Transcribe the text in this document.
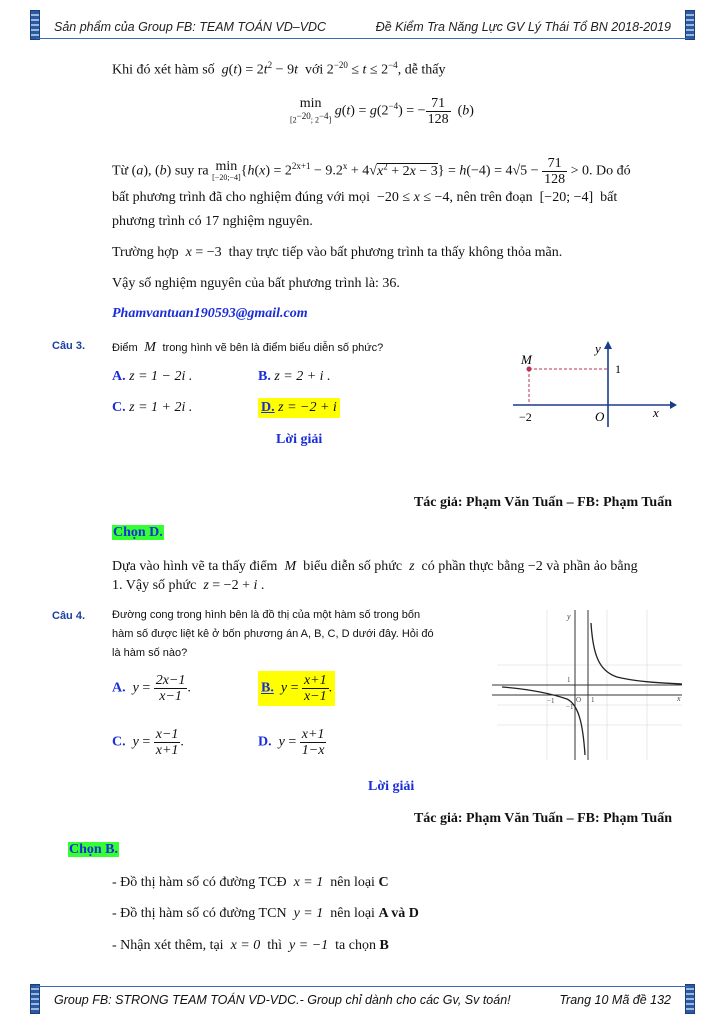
Sản phẩm của Group FB: TEAM TOÁN VD–VDC	Đề Kiểm Tra Năng Lực GV Lý Thái Tổ BN 2018-2019
Khi đó xét hàm số  $g(t) = 2t^2 - 9t$  với $2^{-20} \le t \le 2^{-4}$, dễ thấy
min
[$2^{-20}$; $2^{-4}$]
$g(t) = g(2^{-4})$ = − $\frac{71}{128} (b)$
Từ (a), (b) suy ra min
[−20;−4] $\{h(x) = 2^{2x+1} - 9.2^x + 4√x^2 + 2x - 3\} = h(-4) = 4√5 - \frac{71}{128} > 0$. Do đó
bất phương trình đã cho nghiệm đúng với mọi  −20 ≤ x ≤ −4, nên trên đoạn  [−20; −4]  bất
phương trình có 17 nghiệm nguyên.
Trường hợp x = −3  thay trực tiếp vào bất phương trình ta thấy không thỏa mãn.
Vậy số nghiệm nguyên của bất phương trình là: 36.
Phamvantuan190593@gmail.com
Câu 3. Điểm  M  trong hình vẽ bên là điểm biểu diễn số phức?
A. z = 1 − 2i .	B. z = 2 + i .
C. z = 1 + 2i .	D. z = −2 + i
M
y
1
−2	O	x
Lời giải
Tác giả: Phạm Văn Tuấn – FB: Phạm Tuấn
Chọn D.
Dựa vào hình vẽ ta thấy điểm  M  biểu diễn số phức  z  có phần thực bằng −2 và phần ảo bằng
1. Vậy số phức  z = −2 + i .
Câu 4. Đường cong trong hình bên là đồ thị của một hàm số trong bốn
hàm số được liệt kê ở bốn phương án A, B, C, D dưới đây. Hỏi đó
là hàm số nào?
A.  $y = \frac{2x-1}{x-1}$ .	B.  $y = \frac{x+1}{x-1}$ .
C.  $y = \frac{x-1}{x+1}$ .	D.  $y = \frac{x+1}{1-x}$
y
x
1
−1
−1
O 1
Lời giải
Tác giả: Phạm Văn Tuấn – FB: Phạm Tuấn
Chọn B.
- Đồ thị hàm số có đường TCĐ x = 1 nên loại C
- Đồ thị hàm số có đường TCN y = 1 nên loại A và D
- Nhận xét thêm, tại x = 0 thì y = −1 ta chọn B
Group FB: STRONG TEAM TOÁN VD-VDC.- Group chỉ dành cho các Gv, Sv toán!	Trang 10 Mã đề 132
